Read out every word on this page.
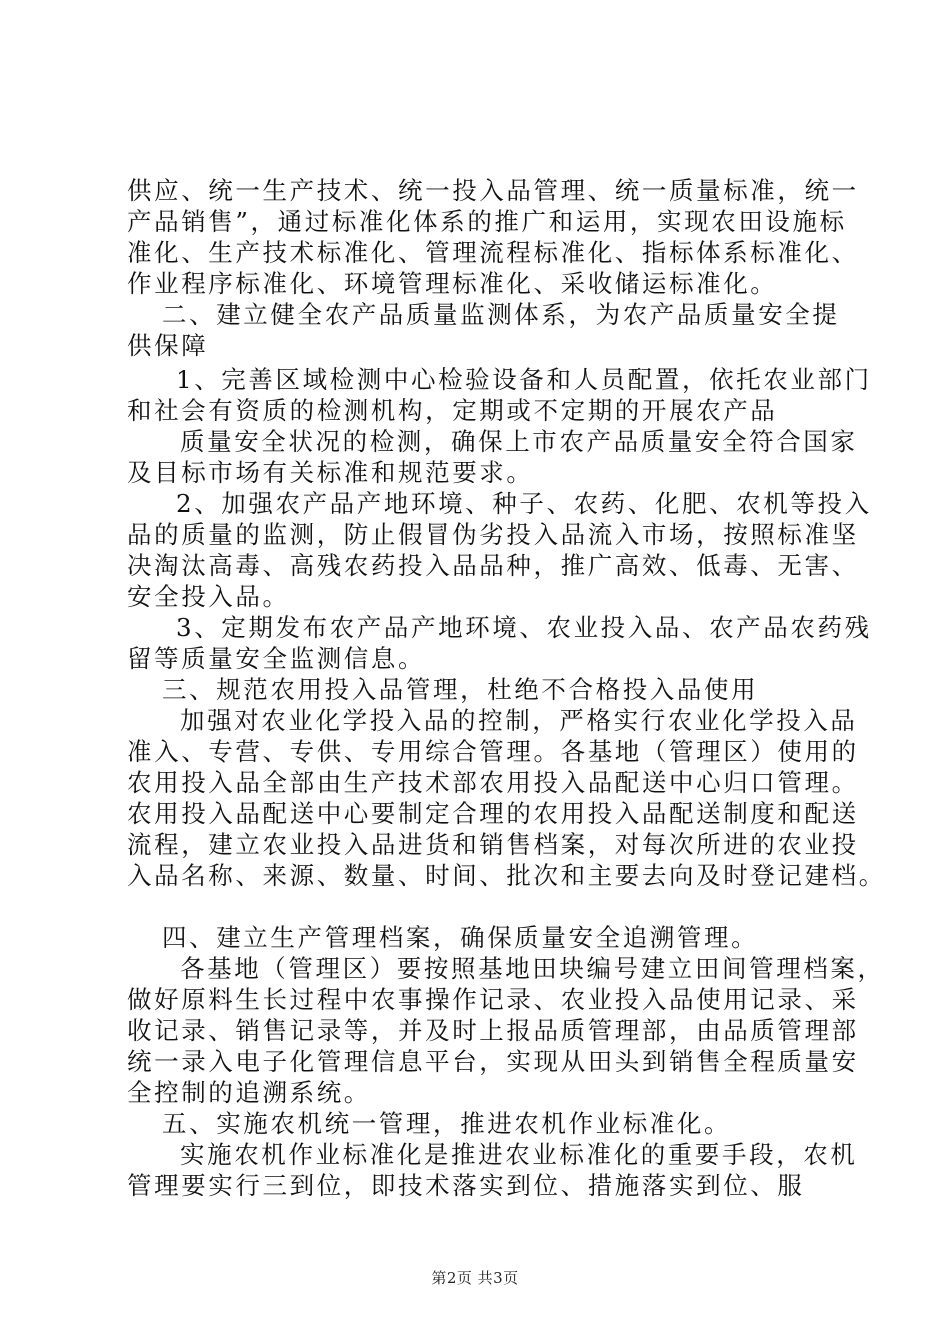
供应、统一生产技术、统一投入品管理、统一质量标准，统一

产品销售”，通过标准化体系的推广和运用，实现农田设施标

准化、生产技术标准化、管理流程标准化、指标体系标准化、

作业程序标准化、环境管理标准化、采收储运标准化。

二、建立健全农产品质量监测体系，为农产品质量安全提

供保障

1、完善区域检测中心检验设备和人员配置，依托农业部门

和社会有资质的检测机构，定期或不定期的开展农产品

质量安全状况的检测，确保上市农产品质量安全符合国家

及目标市场有关标准和规范要求。

2、加强农产品产地环境、种子、农药、化肥、农机等投入

品的质量的监测，防止假冒伪劣投入品流入市场，按照标准坚

决淘汰高毒、高残农药投入品品种，推广高效、低毒、无害、

安全投入品。

3、定期发布农产品产地环境、农业投入品、农产品农药残

留等质量安全监测信息。

三、规范农用投入品管理，杜绝不合格投入品使用

加强对农业化学投入品的控制，严格实行农业化学投入品

准入、专营、专供、专用综合管理。各基地（管理区）使用的

农用投入品全部由生产技术部农用投入品配送中心归口管理。

农用投入品配送中心要制定合理的农用投入品配送制度和配送

流程，建立农业投入品进货和销售档案，对每次所进的农业投

入品名称、来源、数量、时间、批次和主要去向及时登记建档。

四、建立生产管理档案，确保质量安全追溯管理。

各基地（管理区）要按照基地田块编号建立田间管理档案，

做好原料生长过程中农事操作记录、农业投入品使用记录、采

收记录、销售记录等，并及时上报品质管理部，由品质管理部

统一录入电子化管理信息平台，实现从田头到销售全程质量安

全控制的追溯系统。

五、实施农机统一管理，推进农机作业标准化。

实施农机作业标准化是推进农业标准化的重要手段，农机

管理要实行三到位，即技术落实到位、措施落实到位、服

第2页 共3页
